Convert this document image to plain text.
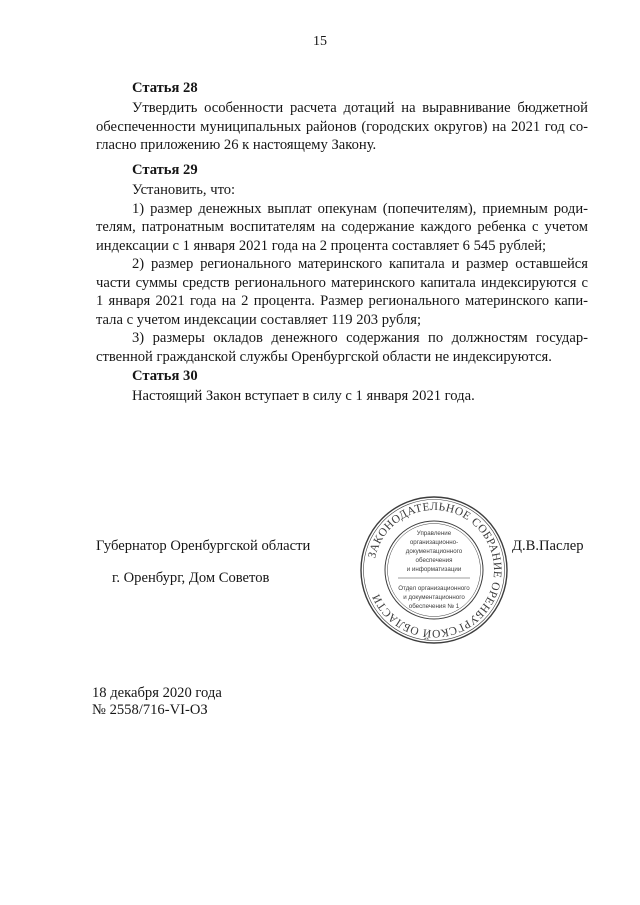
15
Статья 28
Утвердить особенности расчета дотаций на выравнивание бюджетной
обеспеченности муниципальных районов (городских округов) на 2021 год со-
гласно приложению 26 к настоящему Закону.
Статья 29
Установить, что:
1) размер денежных выплат опекунам (попечителям), приемным роди-
телям, патронатным воспитателям на содержание каждого ребенка с учетом
индексации с 1 января 2021 года на 2 процента составляет 6 545 рублей;
2) размер регионального материнского капитала и размер оставшейся
части суммы средств регионального материнского капитала индексируются с
1 января 2021 года на 2 процента. Размер регионального материнского капи-
тала с учетом индексации составляет 119 203 рубля;
3) размеры окладов денежного содержания по должностям государ-
ственной гражданской службы Оренбургской области не индексируются.
Статья 30
Настоящий Закон вступает в силу с 1 января 2021 года.
Губернатор Оренбургской области	Д.В.Паслер
г. Оренбург, Дом Советов
18 декабря 2020 года
№ 2558/716-VI-ОЗ
ЗАКОНОДАТЕЛЬНОЕ СОБРАНИЕ ОРЕНБУРГСКОЙ ОБЛАСТИ
Управление
организационно-
документационного
обеспечения
и информатизации
Отдел организационного
и документационного
обеспечения № 1
